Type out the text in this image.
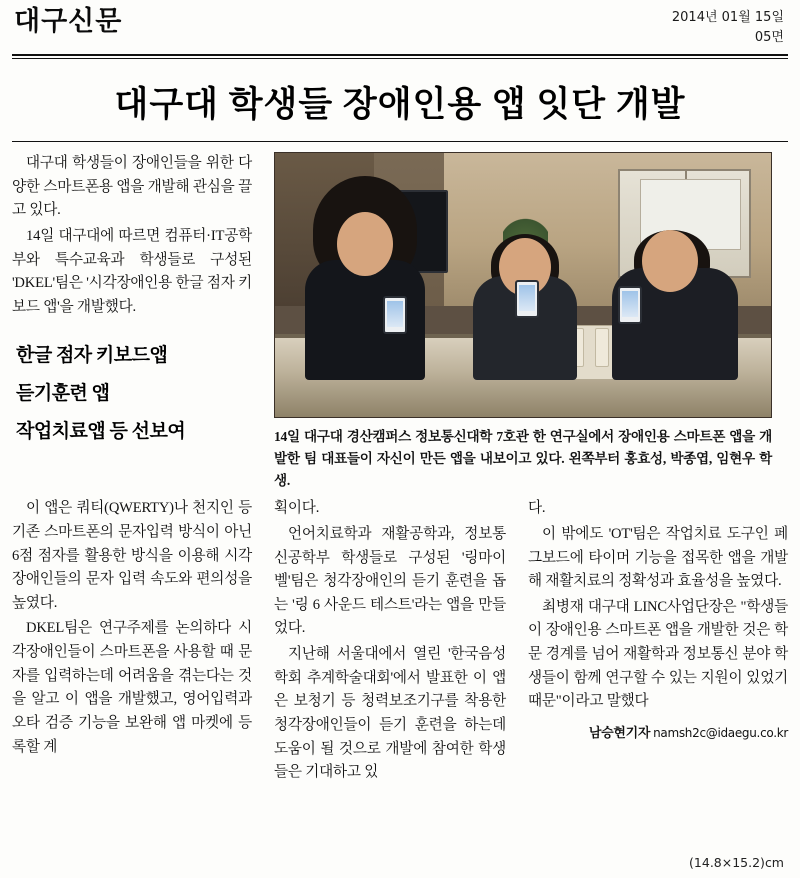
대구신문	2014년 01월 15일
05면
대구대 학생들 장애인용 앱 잇단 개발

대구대 학생들이 장애인들을 위한 다양한 스마트폰용 앱을 개발해 관심을 끌고 있다.

14일 대구대에 따르면 컴퓨터·IT공학부와 특수교육과 학생들로 구성된 'DKEL'팀은 '시각장애인용 한글 점자 키보드 앱'을 개발했다.

한글 점자 키보드앱
듣기훈련 앱
작업치료앱 등 선보여	14일 대구대 경산캠퍼스 정보통신대학 7호관 한 연구실에서 장애인용 스마트폰 앱을 개발한 팀 대표들이 자신이 만든 앱을 내보이고 있다. 왼쪽부터 홍효성, 박종엽, 임현우 학생.

이 앱은 쿼티(QWERTY)나 천지인 등 기존 스마트폰의 문자입력 방식이 아닌 6점 점자를 활용한 방식을 이용해 시각장애인들의 문자 입력 속도와 편의성을 높였다.

DKEL팀은 연구주제를 논의하다 시각장애인들이 스마트폰을 사용할 때 문자를 입력하는데 어려움을 겪는다는 것을 알고 이 앱을 개발했고, 영어입력과 오타 검증 기능을 보완해 앱 마켓에 등록할 계

획이다.

언어치료학과 재활공학과, 정보통신공학부 학생들로 구성된 '링마이 벨'팀은 청각장애인의 듣기 훈련을 돕는 '링 6 사운드 테스트'라는 앱을 만들었다.

지난해 서울대에서 열린 '한국음성학회 추계학술대회'에서 발표한 이 앱은 보청기 등 청력보조기구를 착용한 청각장애인들이 듣기 훈련을 하는데 도움이 될 것으로 개발에 참여한 학생들은 기대하고 있

다.

이 밖에도 'OT'팀은 작업치료 도구인 페그보드에 타이머 기능을 접목한 앱을 개발해 재활치료의 정확성과 효율성을 높였다.

최병재 대구대 LINC사업단장은 "학생들이 장애인용 스마트폰 앱을 개발한 것은 학문 경계를 넘어 재활학과 정보통신 분야 학생들이 함께 연구할 수 있는 지원이 있었기 때문"이라고 말했다

남승현기자 namsh2c@idaegu.co.kr
(14.8×15.2)cm
